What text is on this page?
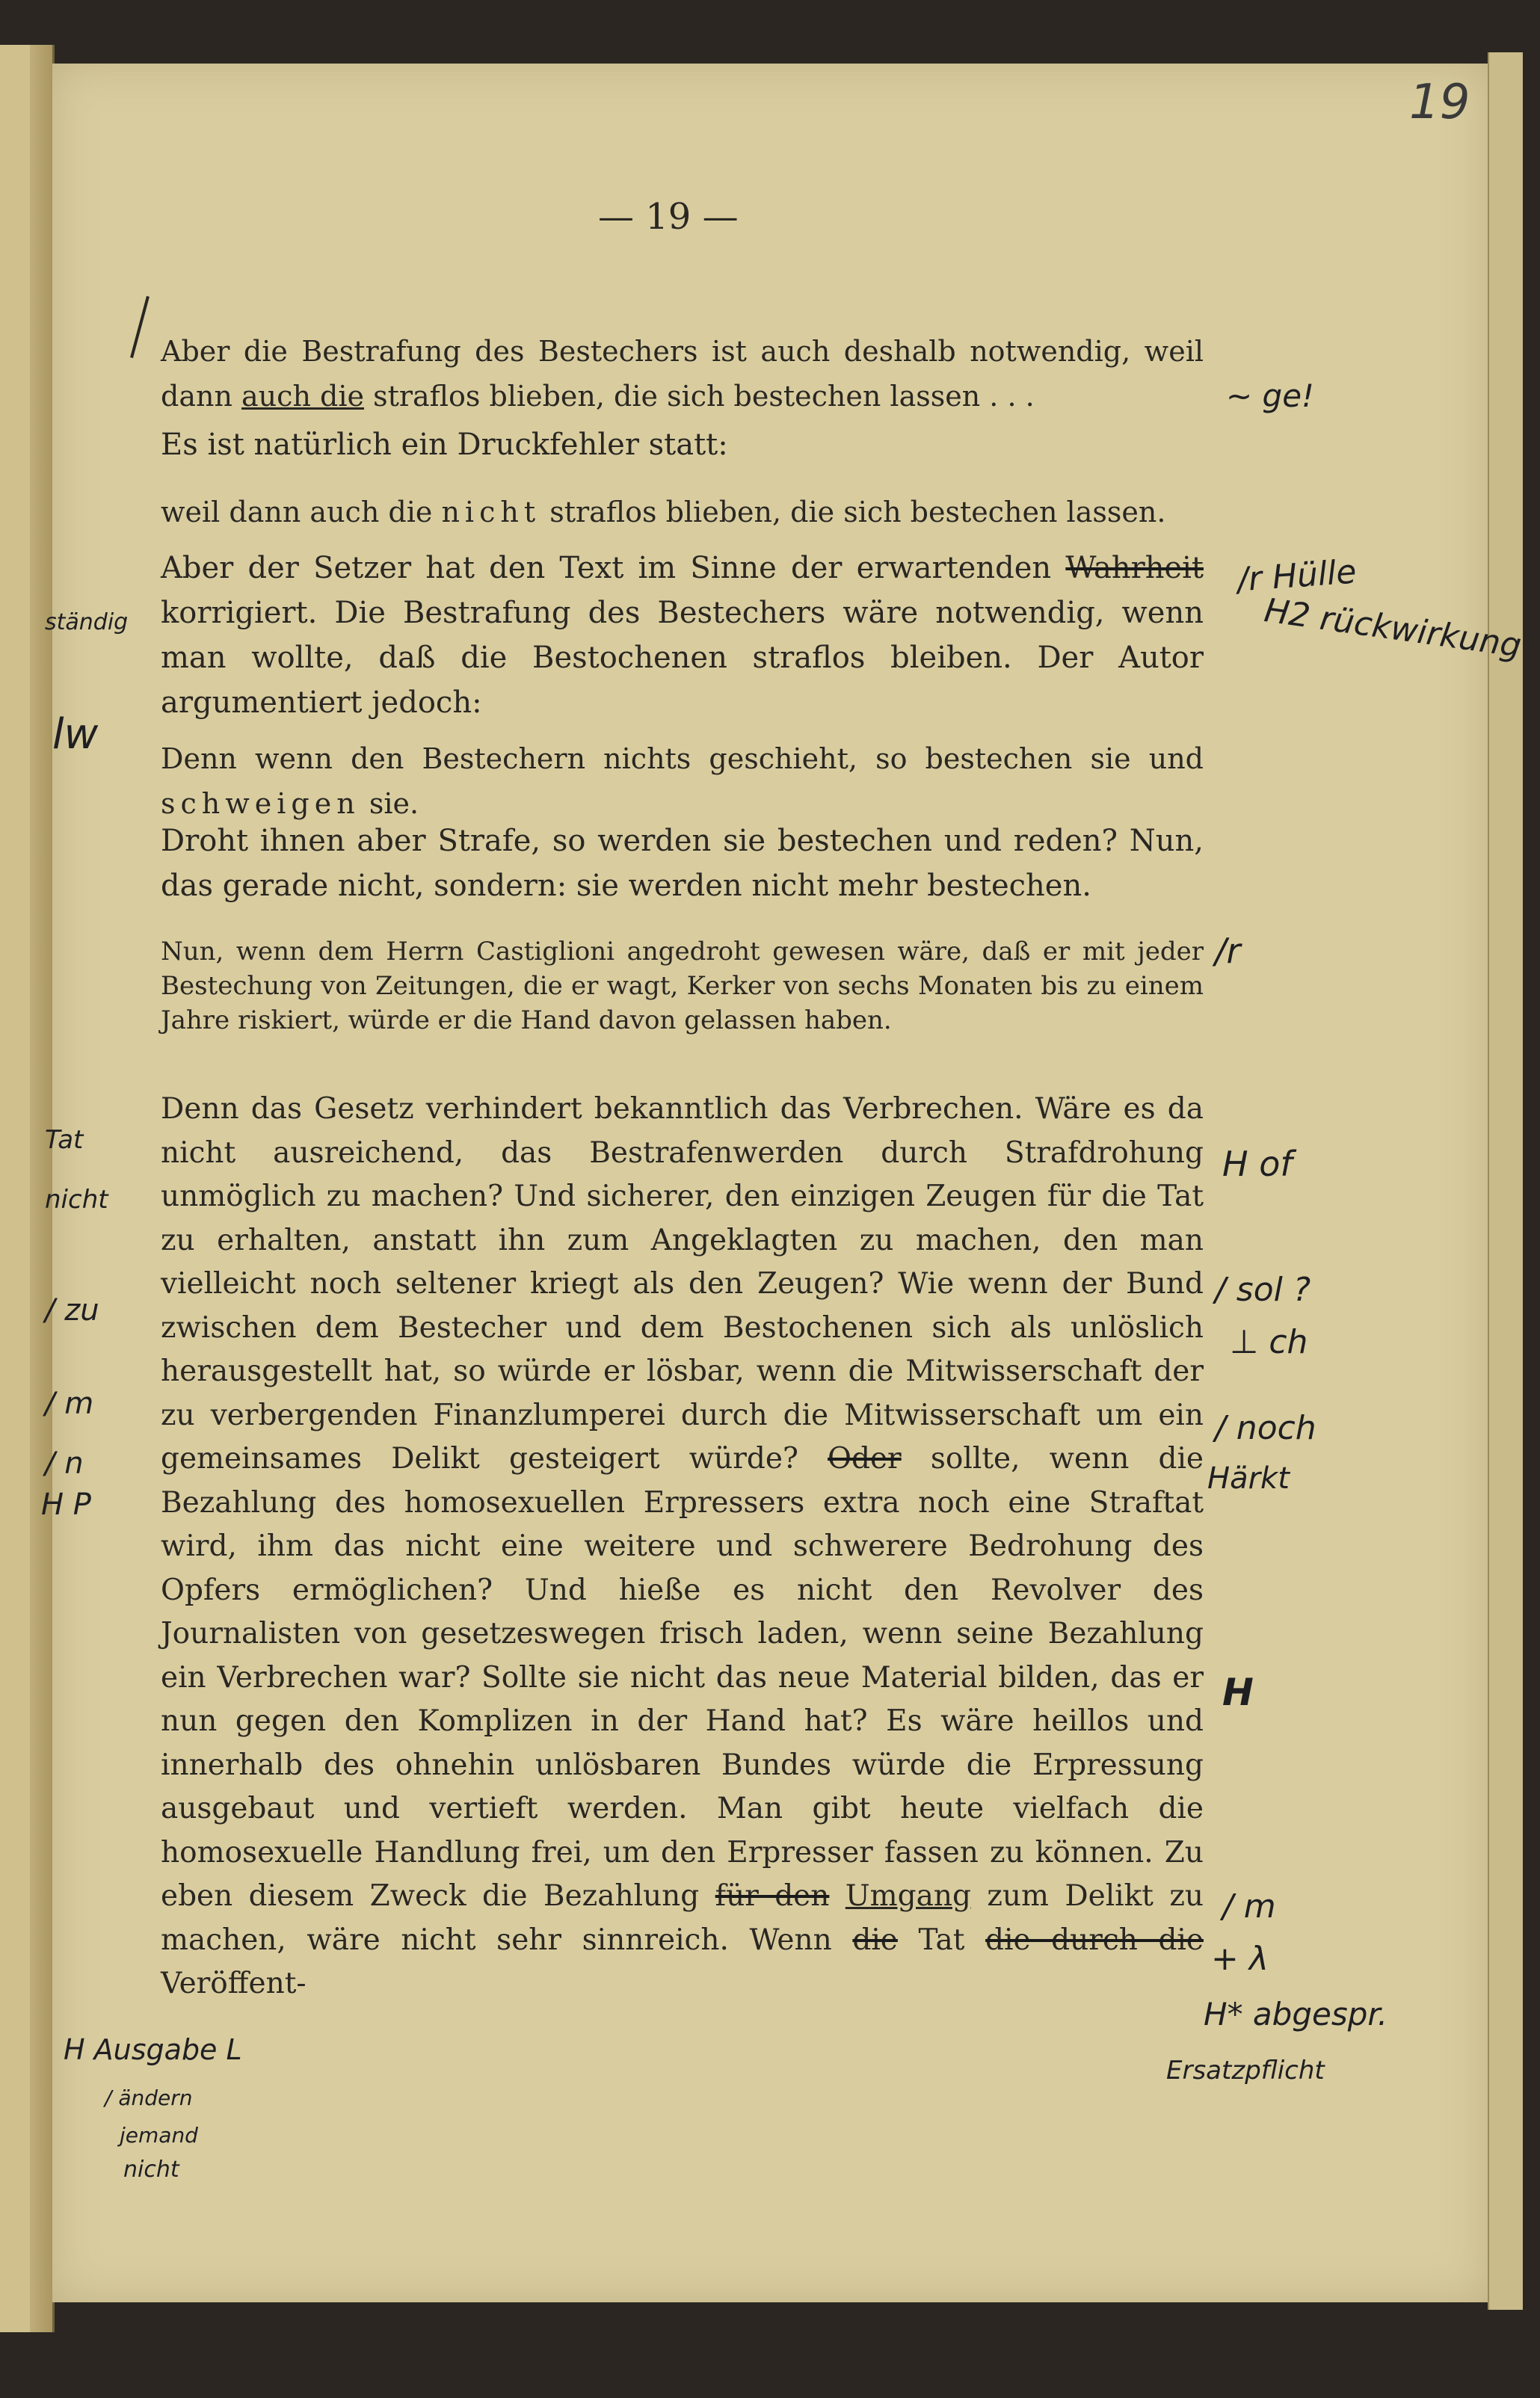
19
— 19 —
Aber die Bestrafung des Bestechers ist auch deshalb notwendig, weil dann auch die straflos blieben, die sich bestechen lassen . . .
Es ist natürlich ein Druckfehler statt:
weil dann auch die nicht straflos blieben, die sich bestechen lassen.
Aber der Setzer hat den Text im Sinne der erwartenden Wahrheit korrigiert. Die Bestrafung des Bestechers wäre notwendig, wenn man wollte, daß die Bestochenen straflos bleiben. Der Autor argumentiert jedoch:
Denn wenn den Bestechern nichts geschieht, so bestechen sie und schweigen sie.
Droht ihnen aber Strafe, so werden sie bestechen und reden? Nun, das gerade nicht, sondern: sie werden nicht mehr bestechen.
Nun, wenn dem Herrn Castiglioni angedroht gewesen wäre, daß er mit jeder Bestechung von Zeitungen, die er wagt, Kerker von sechs Monaten bis zu einem Jahre riskiert, würde er die Hand davon gelassen haben.
Denn das Gesetz verhindert bekanntlich das Verbrechen. Wäre es da nicht ausreichend, das Bestrafenwerden durch Strafdrohung unmöglich zu machen? Und sicherer, den einzigen Zeugen für die Tat zu erhalten, anstatt ihn zum Angeklagten zu machen, den man vielleicht noch seltener kriegt als den Zeugen? Wie wenn der Bund zwischen dem Bestecher und dem Bestochenen sich als unlöslich herausgestellt hat, so würde er lösbar, wenn die Mitwisserschaft der zu verbergenden Finanzlumperei durch die Mitwisserschaft um ein gemeinsames Delikt gesteigert würde? Oder sollte, wenn die Bezahlung des homosexuellen Erpressers extra noch eine Straftat wird, ihm das nicht eine weitere und schwerere Bedrohung des Opfers ermöglichen? Und hieße es nicht den Revolver des Journalisten von gesetzeswegen frisch laden, wenn seine Bezahlung ein Verbrechen war? Sollte sie nicht das neue Material bilden, das er nun gegen den Komplizen in der Hand hat? Es wäre heillos und innerhalb des ohnehin unlösbaren Bundes würde die Erpressung ausgebaut und vertieft werden. Man gibt heute vielfach die homosexuelle Handlung frei, um den Erpresser fassen zu können. Zu eben diesem Zweck die Bezahlung für den Umgang zum Delikt zu machen, wäre nicht sehr sinnreich. Wenn die Tat die durch die Veröffent-
~ ge!
/r Hülle
H2 rückwirkung
/r
H of
/ sol ?
⊥ ch
/ noch
Härkt
H
/ m
+ λ
H* abgespr.
Ersatzpflicht
ständig
lw
Tat
nicht
/ zu
/ m
/ n
H P
H Ausgabe L
/ ändern
jemand
nicht
